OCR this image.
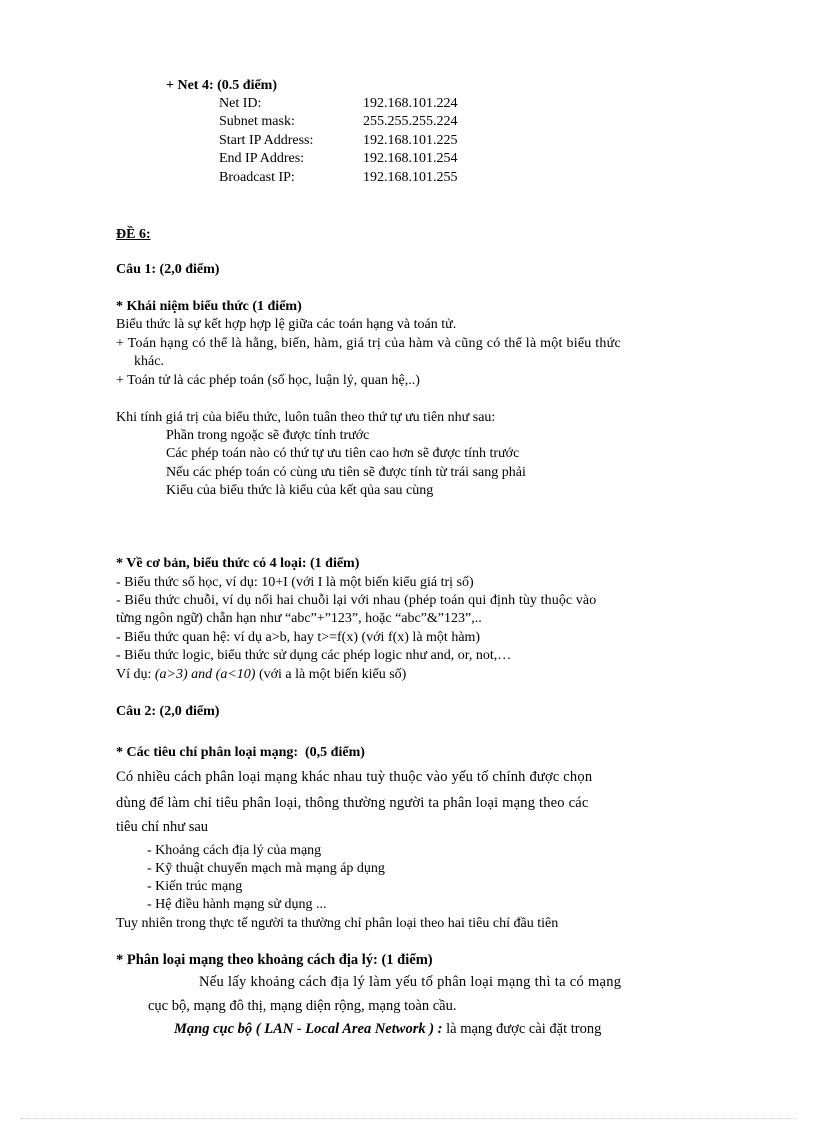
+ Net 4: (0.5 điểm)
Net ID:	192.168.101.224
Subnet mask:	255.255.255.224
Start IP Address:	192.168.101.225
End IP Addres:	192.168.101.254
Broadcast IP:	192.168.101.255
ĐỀ 6:
Câu 1: (2,0 điểm)
* Khái niệm biểu thức (1 điểm)
Biểu thức là sự kết hợp hợp lệ giữa các toán hạng và toán tử.
+ Toán hạng có thể là hằng, biến, hàm, giá trị của hàm và cũng có thể là một biểu thức
khác.
+ Toán tử là các phép toán (số học, luận lý, quan hệ,..)
Khi tính giá trị của biểu thức, luôn tuân theo thứ tự ưu tiên như sau:
Phần trong ngoặc sẽ được tính trước
Các phép toán nào có thứ tự ưu tiên cao hơn sẽ được tính trước
Nếu các phép toán có cùng ưu tiên sẽ được tính từ trái sang phải
Kiểu của biểu thức là kiểu của kết qủa sau cùng
* Về cơ bản, biểu thức có 4 loại: (1 điểm)
- Biểu thức số học, ví dụ: 10+I (với I là một biến kiểu giá trị số)
- Biểu thức chuỗi, ví dụ nối hai chuỗi lại với nhau (phép toán qui định tùy thuộc vào
từng ngôn ngữ) chẵn hạn như “abc”+”123”, hoặc “abc”&”123”,..
- Biểu thức quan hệ: ví dụ a>b, hay t>=f(x) (với f(x) là một hàm)
- Biểu thức logic, biểu thức sử dụng các phép logic như and, or, not,…
Ví dụ: (a>3) and (a<10) (với a là một biến kiểu số)
Câu 2: (2,0 điểm)
* Các tiêu chí phân loại mạng:  (0,5 điểm)
Có nhiều cách phân loại mạng khác nhau tuỳ thuộc vào yếu tố chính được chọn
dùng để làm chỉ tiêu phân loại, thông thường người ta phân loại mạng theo các
tiêu chí như sau
- Khoảng cách địa lý của mạng
- Kỹ thuật chuyển mạch mà mạng áp dụng
- Kiến trúc mạng
- Hệ điều hành mạng sử dụng ...
Tuy nhiên trong thực tế người ta thường chỉ phân loại theo hai tiêu chí đầu tiên
* Phân loại mạng theo khoảng cách địa lý: (1 điểm)
Nếu lấy khoảng cách địa lý làm yếu tố phân loại mạng thì ta có mạng
cục bộ, mạng đô thị, mạng diện rộng, mạng toàn cầu.
Mạng cục bộ ( LAN - Local Area Network ) : là mạng được cài đặt trong
